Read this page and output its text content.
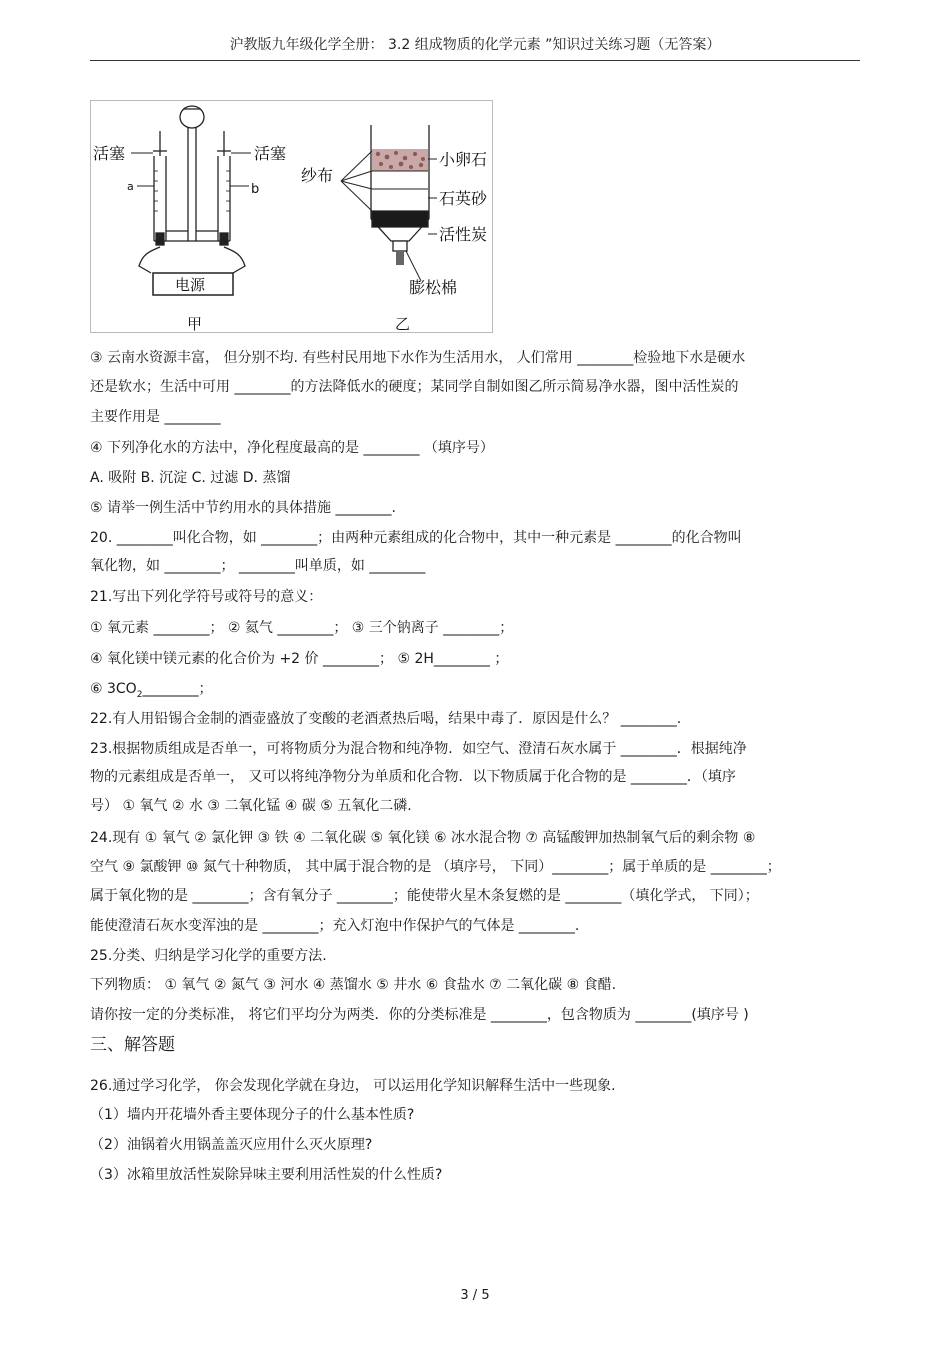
沪教版九年级化学全册： 3.2 组成物质的化学元素 ”知识过关练习题（无答案）
活塞	活塞
a	b
电源
甲
纱布
小卵石
石英砂
活性炭
膨松棉
乙
③ 云南水资源丰富， 但分别不均. 有些村民用地下水作为生活用水， 人们常用 ________检验地下水是硬水
还是软水；生活中可用 ________的方法降低水的硬度；某同学自制如图乙所示简易净水器，图中活性炭的
主要作用是 ________
④ 下列净化水的方法中，净化程度最高的是 ________ （填序号）
A. 吸附 B. 沉淀 C. 过滤 D. 蒸馏
⑤ 请举一例生活中节约用水的具体措施 ________.
20. ________叫化合物，如 ________；由两种元素组成的化合物中，其中一种元素是 ________的化合物叫
氧化物，如 ________； ________叫单质，如 ________
21.写出下列化学符号或符号的意义：
① 氧元素 ________； ② 氦气 ________； ③ 三个钠离子 ________；
④ 氧化镁中镁元素的化合价为 +2 价 ________； ⑤ 2H________ ；
⑥ $3CO_2\_\_\_\_\_\_\_\_$；
22.有人用铅锡合金制的酒壶盛放了变酸的老酒煮热后喝，结果中毒了．原因是什么？ ________.
23.根据物质组成是否单一，可将物质分为混合物和纯净物．如空气、澄清石灰水属于 ________．根据纯净
物的元素组成是否单一， 又可以将纯净物分为单质和化合物．以下物质属于化合物的是 ________．（填序
号） ① 氧气 ② 水 ③ 二氧化锰 ④ 碳 ⑤ 五氧化二磷.
24.现有 ① 氧气 ② 氯化钾 ③ 铁 ④ 二氧化碳 ⑤ 氧化镁 ⑥ 冰水混合物 ⑦ 高锰酸钾加热制氧气后的剩余物 ⑧
空气 ⑨ 氯酸钾 ⑩ 氮气十种物质， 其中属于混合物的是 （填序号， 下同）________；属于单质的是 ________；
属于氧化物的是 ________；含有氧分子 ________；能使带火星木条复燃的是 ________（填化学式， 下同）；
能使澄清石灰水变浑浊的是 ________；充入灯泡中作保护气的气体是 ________.
25.分类、归纳是学习化学的重要方法.
下列物质： ① 氧气 ② 氮气 ③ 河水 ④ 蒸馏水 ⑤ 井水 ⑥ 食盐水 ⑦ 二氧化碳 ⑧ 食醋.
请你按一定的分类标准， 将它们平均分为两类．你的分类标准是 ________，包含物质为 ________(填序号 )
三、解答题
26.通过学习化学， 你会发现化学就在身边， 可以运用化学知识解释生活中一些现象.
（1）墙内开花墙外香主要体现分子的什么基本性质?
（2）油锅着火用锅盖盖灭应用什么灭火原理?
（3）冰箱里放活性炭除异味主要利用活性炭的什么性质?
3 / 5
